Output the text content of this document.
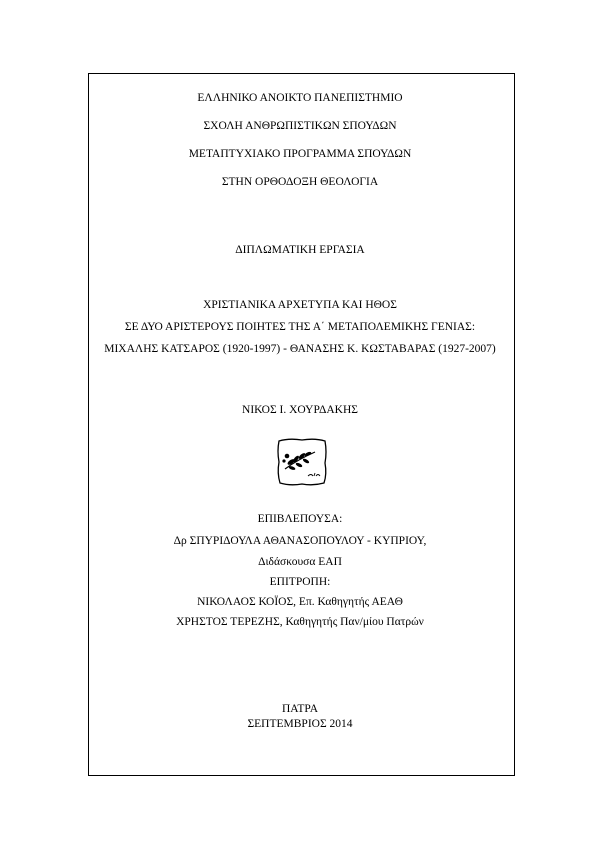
ΕΛΛΗΝΙΚΟ ΑΝΟΙΚΤΟ ΠΑΝΕΠΙΣΤΗΜΙΟ
ΣΧΟΛΗ ΑΝΘΡΩΠΙΣΤΙΚΩΝ ΣΠΟΥΔΩΝ
ΜΕΤΑΠΤΥΧΙΑΚΟ ΠΡΟΓΡΑΜΜΑ ΣΠΟΥΔΩΝ
ΣΤΗΝ ΟΡΘΟΔΟΞΗ ΘΕΟΛΟΓΙΑ
ΔΙΠΛΩΜΑΤΙΚΗ ΕΡΓΑΣΙΑ
ΧΡΙΣΤΙΑΝΙΚΑ ΑΡΧΕΤΥΠΑ ΚΑΙ ΗΘΟΣ
ΣΕ ΔΥΟ ΑΡΙΣΤΕΡΟΥΣ ΠΟΙΗΤΕΣ ΤΗΣ Α΄ ΜΕΤΑΠΟΛΕΜΙΚΗΣ ΓΕΝΙΑΣ:
ΜΙΧΑΛΗΣ ΚΑΤΣΑΡΟΣ (1920-1997) - ΘΑΝΑΣΗΣ Κ. ΚΩΣΤΑΒΑΡΑΣ (1927-2007)
ΝΙΚΟΣ Ι. ΧΟΥΡΔΑΚΗΣ
ΕΠΙΒΛΕΠΟΥΣΑ:
Δρ ΣΠΥΡΙΔΟΥΛΑ ΑΘΑΝΑΣΟΠΟΥΛΟΥ - ΚΥΠΡΙΟΥ,
Διδάσκουσα ΕΑΠ
ΕΠΙΤΡΟΠΗ:
ΝΙΚΟΛΑΟΣ ΚΟΪΟΣ, Επ. Καθηγητής ΑΕΑΘ
ΧΡΗΣΤΟΣ ΤΕΡΕΖΗΣ, Καθηγητής Παν/μίου Πατρών
ΠΑΤΡΑ
ΣΕΠΤΕΜΒΡΙΟΣ 2014
